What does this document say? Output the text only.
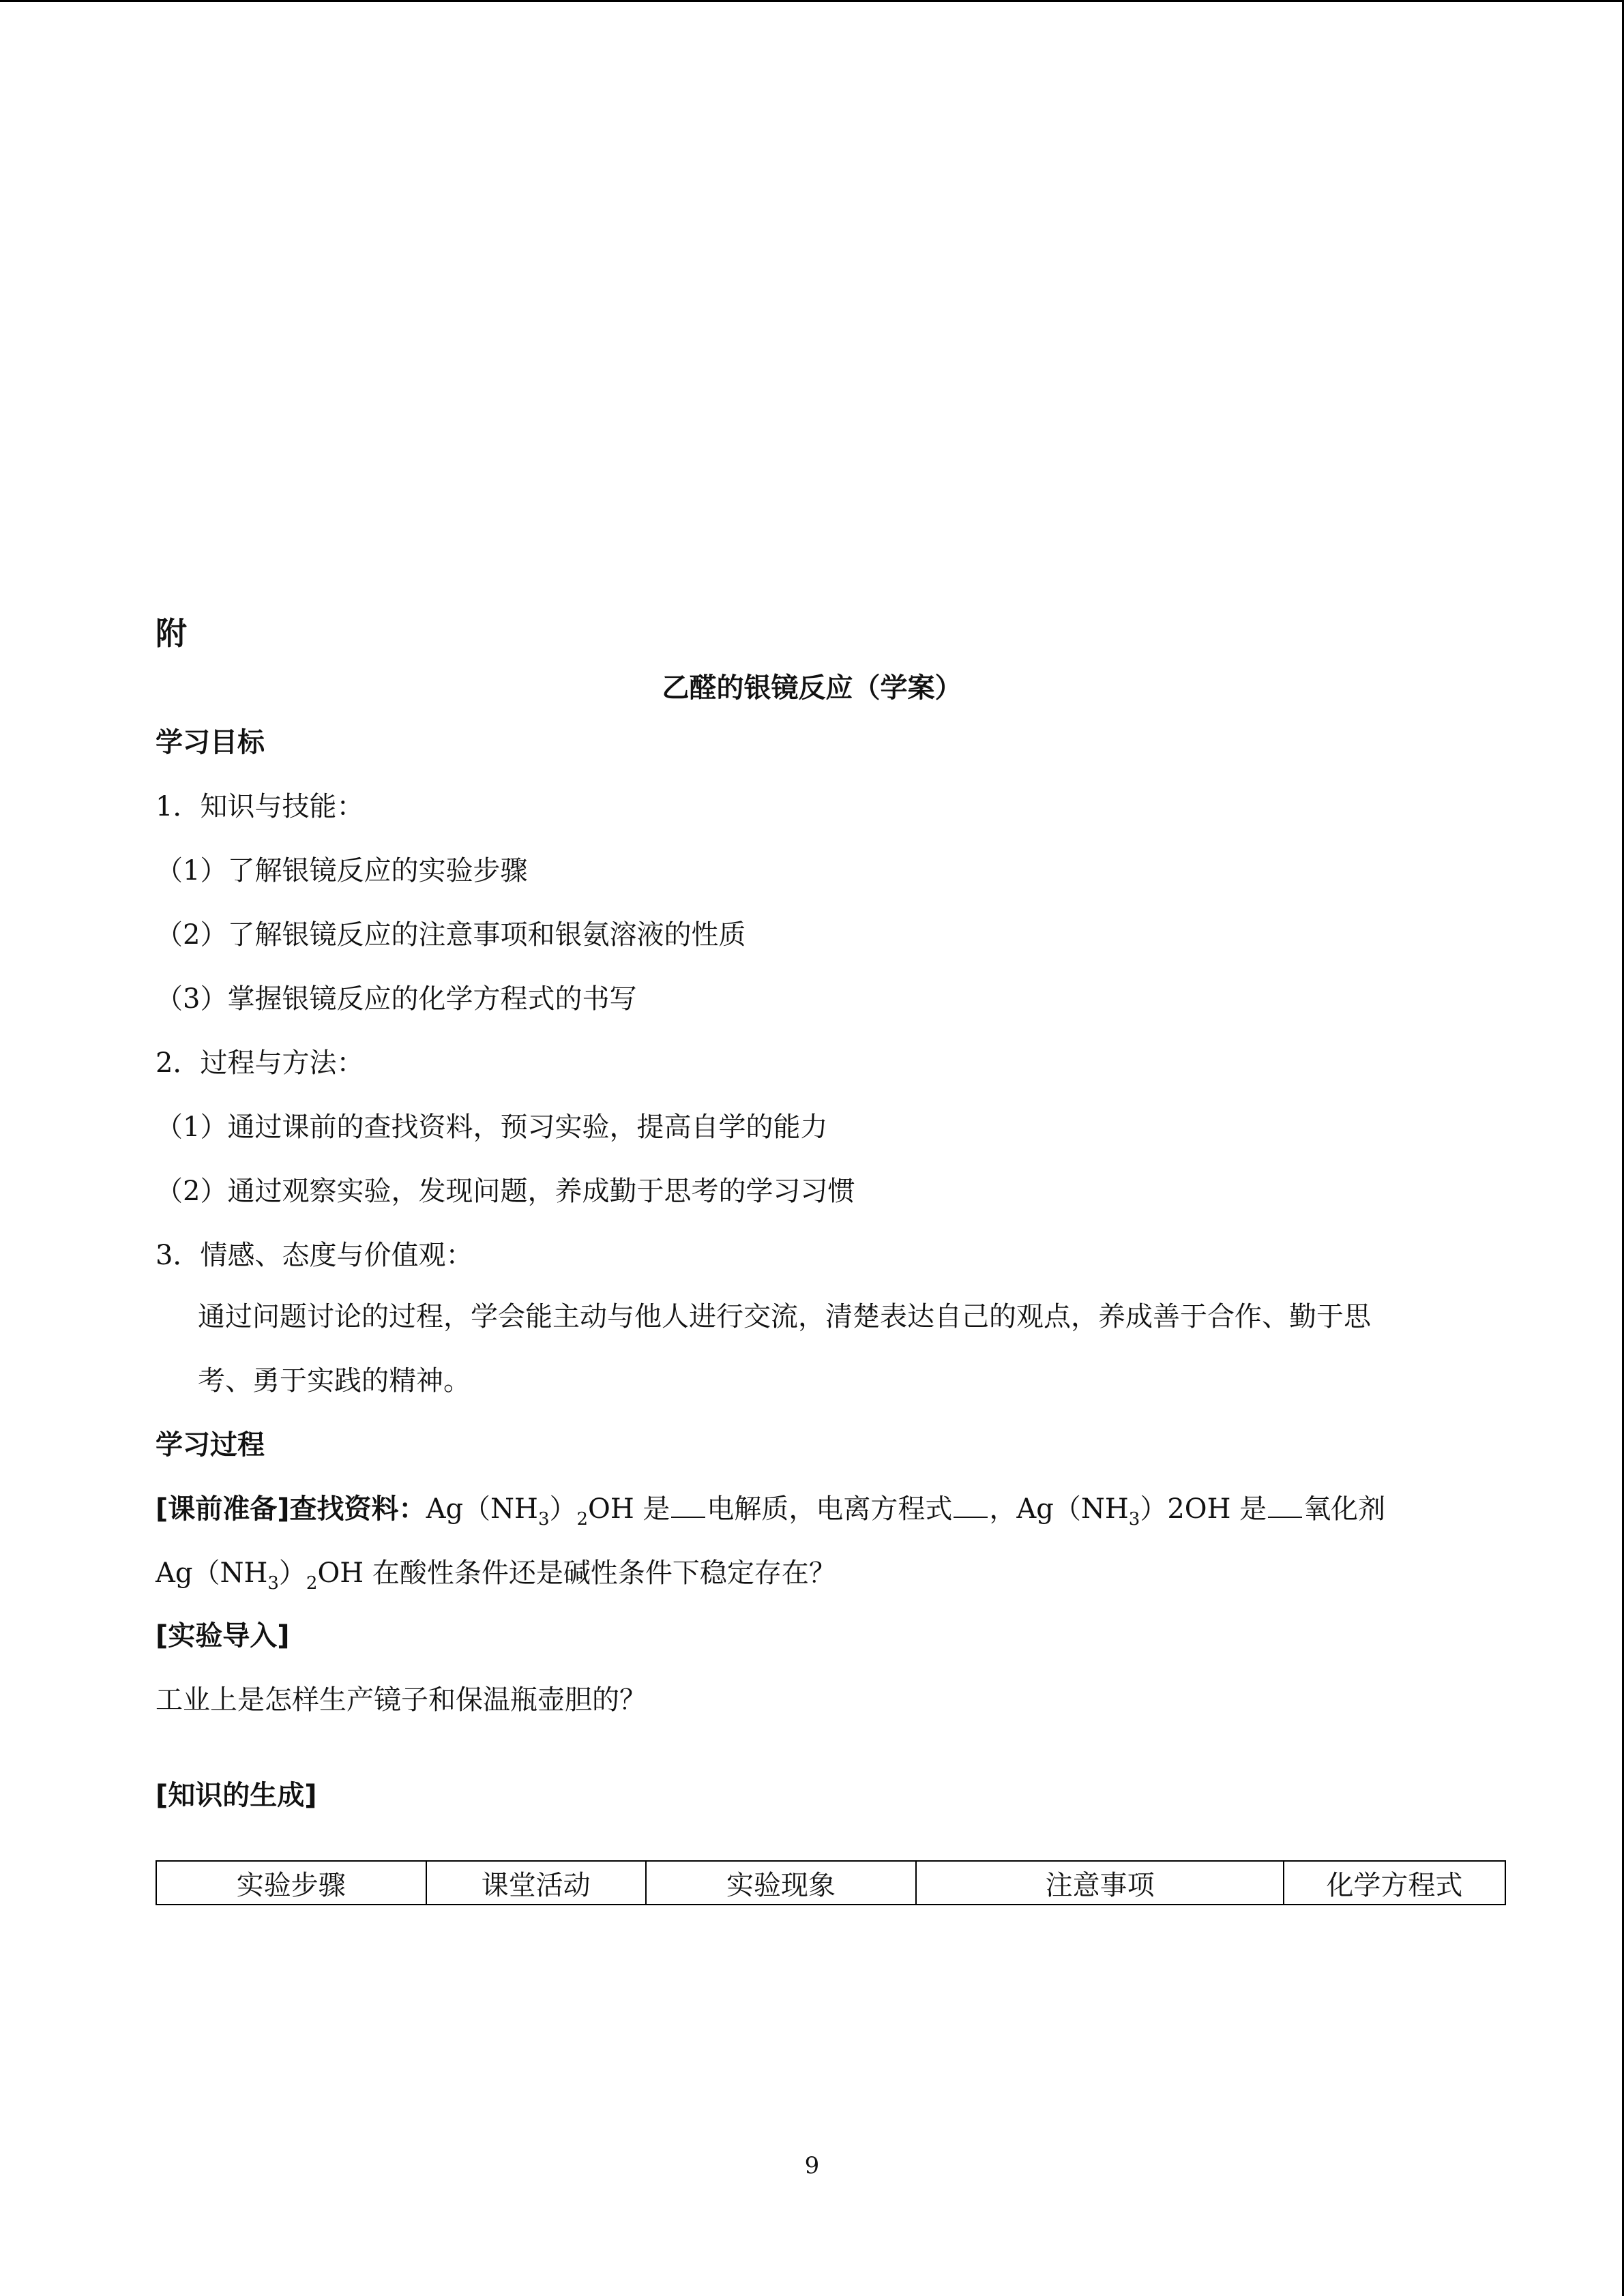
附
乙醛的银镜反应（学案）
学习目标
1．知识与技能：
（1）了解银镜反应的实验步骤
（2）了解银镜反应的注意事项和银氨溶液的性质
（3）掌握银镜反应的化学方程式的书写
2．过程与方法：
（1）通过课前的查找资料，预习实验，提高自学的能力
（2）通过观察实验，发现问题，养成勤于思考的学习习惯
3．情感、态度与价值观：
通过问题讨论的过程，学会能主动与他人进行交流，清楚表达自己的观点，养成善于合作、勤于思
考、勇于实践的精神。
学习过程
[课前准备]查找资料：$Ag(NH_3)_2OH$ 是 电解质，电离方程式 ，$Ag(NH_3)2OH$ 是 氧化剂
$Ag(NH_3)_2OH$ 在酸性条件还是碱性条件下稳定存在？
[实验导入]
工业上是怎样生产镜子和保温瓶壶胆的？
[知识的生成]
实验步骤	课堂活动	实验现象	注意事项	化学方程式
9
